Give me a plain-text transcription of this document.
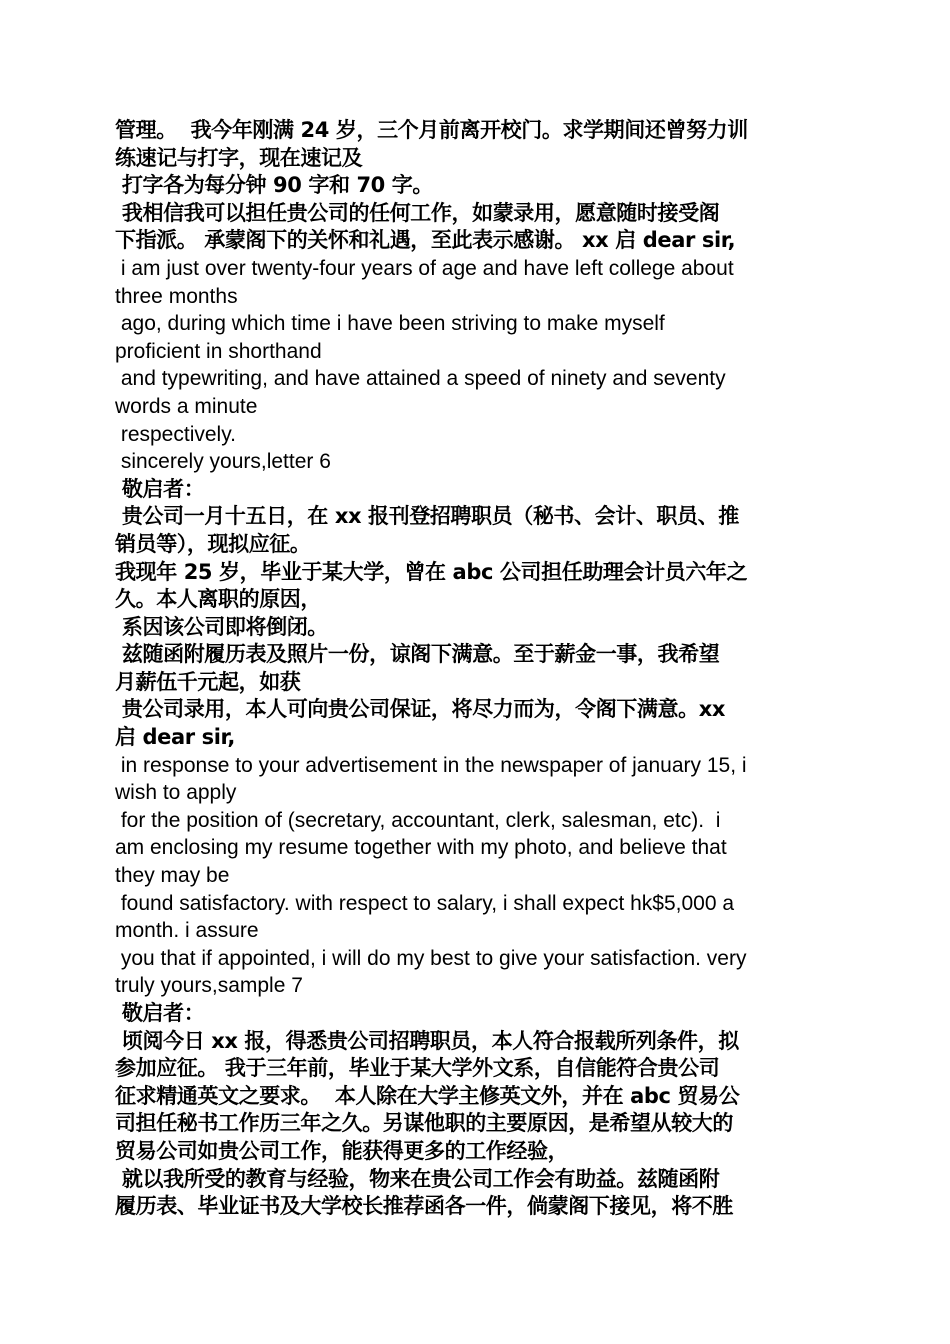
管理。  我今年刚满 24 岁，三个月前离开校门。求学期间还曾努力训
练速记与打字，现在速记及
打字各为每分钟 90 字和 70 字。
我相信我可以担任贵公司的任何工作，如蒙录用，愿意随时接受阁
下指派。 承蒙阁下的关怀和礼遇，至此表示感谢。 xx 启 dear sir,
i am just over twenty-four years of age and have left college about
three months
ago, during which time i have been striving to make myself
proficient in shorthand
and typewriting, and have attained a speed of ninety and seventy
words a minute
respectively.
sincerely yours,letter 6
敬启者：
贵公司一月十五日，在 xx 报刊登招聘职员（秘书、会计、职员、推
销员等），现拟应征。
我现年 25 岁，毕业于某大学，曾在 abc 公司担任助理会计员六年之
久。本人离职的原因，
系因该公司即将倒闭。
兹随函附履历表及照片一份，谅阁下满意。至于薪金一事，我希望
月薪伍千元起，如获
贵公司录用，本人可向贵公司保证，将尽力而为，令阁下满意。xx
启 dear sir,
in response to your advertisement in the newspaper of january 15, i
wish to apply
for the position of (secretary, accountant, clerk, salesman, etc).  i
am enclosing my resume together with my photo, and believe that
they may be
found satisfactory. with respect to salary, i shall expect hk$5,000 a
month. i assure
you that if appointed, i will do my best to give your satisfaction. very
truly yours,sample 7
敬启者：
顷阅今日 xx 报，得悉贵公司招聘职员，本人符合报载所列条件，拟
参加应征。 我于三年前，毕业于某大学外文系，自信能符合贵公司
征求精通英文之要求。  本人除在大学主修英文外，并在 abc 贸易公
司担任秘书工作历三年之久。另谋他职的主要原因，是希望从较大的
贸易公司如贵公司工作，能获得更多的工作经验，
就以我所受的教育与经验，物来在贵公司工作会有助益。兹随函附
履历表、毕业证书及大学校长推荐函各一件，倘蒙阁下接见，将不胜
